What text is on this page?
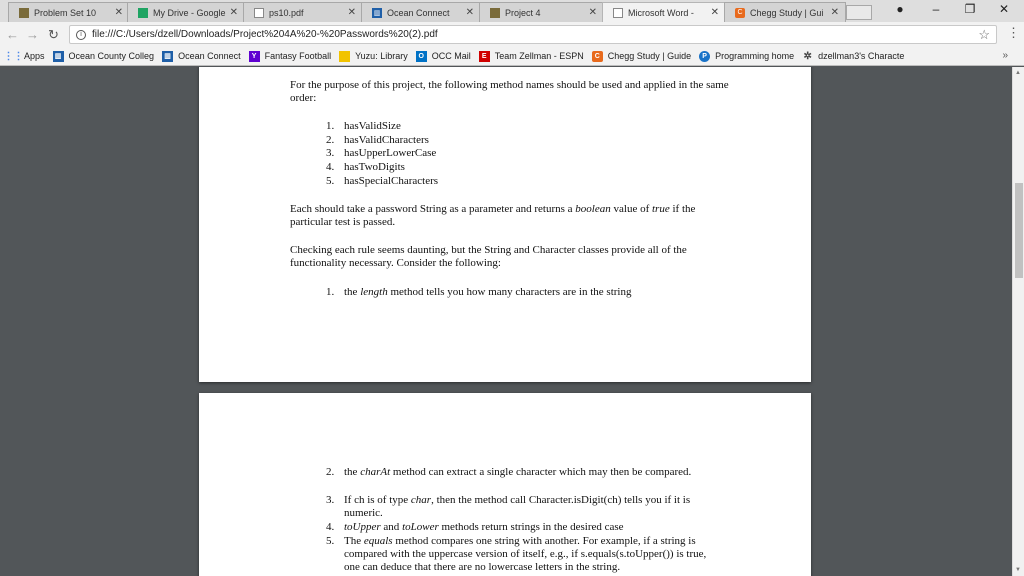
Problem Set 10	✕	My Drive - Google ✕	ps10.pdf	✕	▥ Ocean Connect	✕	Project 4	✕	Microsoft Word -	✕	C Chegg Study | Gui ✕	●	–	❐	✕
← → ↻	i	file:///C:/Users/dzell/Downloads/Project%204A%20-%20Passwords%20(2).pdf	☆ ⋮
⋮⋮ Apps	▥ Ocean County Colleg	▥ Ocean Connect	Y Fantasy Football	Yuzu: Library	O OCC Mail	E Team Zellman - ESPN	C Chegg Study | Guide	P Programming home ✲ dzellman3's Characte	»
For the purpose of this project, the following method names should be used and applied in the same order:
1. hasValidSize
2. hasValidCharacters
3. hasUpperLowerCase
4. hasTwoDigits
5. hasSpecialCharacters
Each should take a password String as a parameter and returns a boolean value of true if the particular test is passed.
Checking each rule seems daunting, but the String and Character classes provide all of the functionality necessary. Consider the following:
1. the length method tells you how many characters are in the string
2. the charAt method can extract a single character which may then be compared.
3. If ch is of type char, then the method call Character.isDigit(ch) tells you if it is numeric.
4. toUpper and toLower methods return strings in the desired case
5. The equals method compares one string with another. For example, if a string is compared with the uppercase version of itself, e.g., if s.equals(s.toUpper()) is true, one can deduce that there are no lowercase letters in the string.
▲
▼
